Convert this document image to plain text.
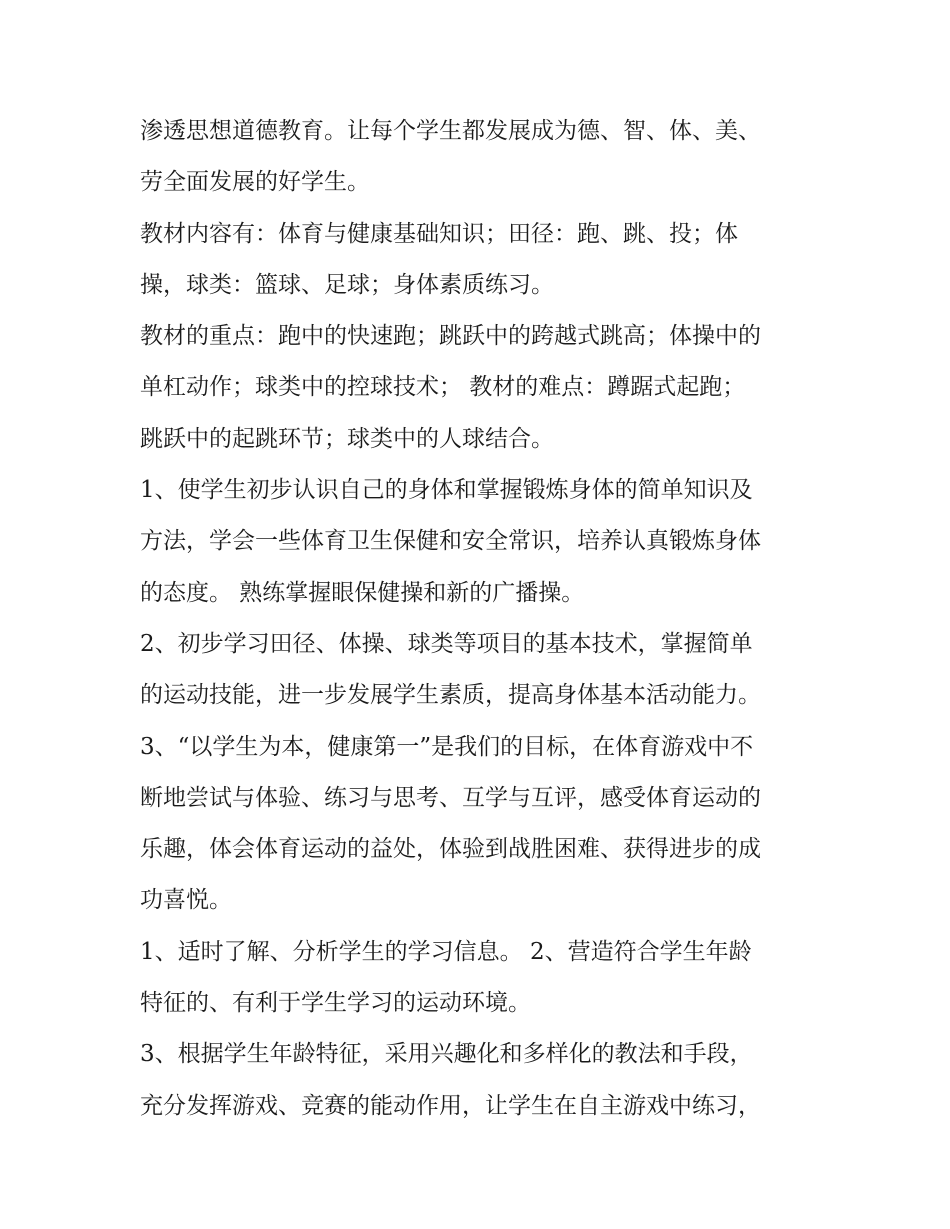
渗透思想道德教育。让每个学生都发展成为德、智、体、美、
劳全面发展的好学生。
教材内容有：体育与健康基础知识；田径：跑、跳、投；体
操，球类：篮球、足球；身体素质练习。
教材的重点：跑中的快速跑；跳跃中的跨越式跳高；体操中的
单杠动作；球类中的控球技术； 教材的难点：蹲踞式起跑；
跳跃中的起跳环节；球类中的人球结合。
1、使学生初步认识自己的身体和掌握锻炼身体的简单知识及
方法，学会一些体育卫生保健和安全常识，培养认真锻炼身体
的态度。 熟练掌握眼保健操和新的广播操。
2、初步学习田径、体操、球类等项目的基本技术，掌握简单
的运动技能，进一步发展学生素质，提高身体基本活动能力。
3、“以学生为本，健康第一”是我们的目标，在体育游戏中不
断地尝试与体验、练习与思考、互学与互评，感受体育运动的
乐趣，体会体育运动的益处，体验到战胜困难、获得进步的成
功喜悦。
1、适时了解、分析学生的学习信息。 2、营造符合学生年龄
特征的、有利于学生学习的运动环境。
3、根据学生年龄特征，采用兴趣化和多样化的教法和手段，
充分发挥游戏、竞赛的能动作用，让学生在自主游戏中练习，
